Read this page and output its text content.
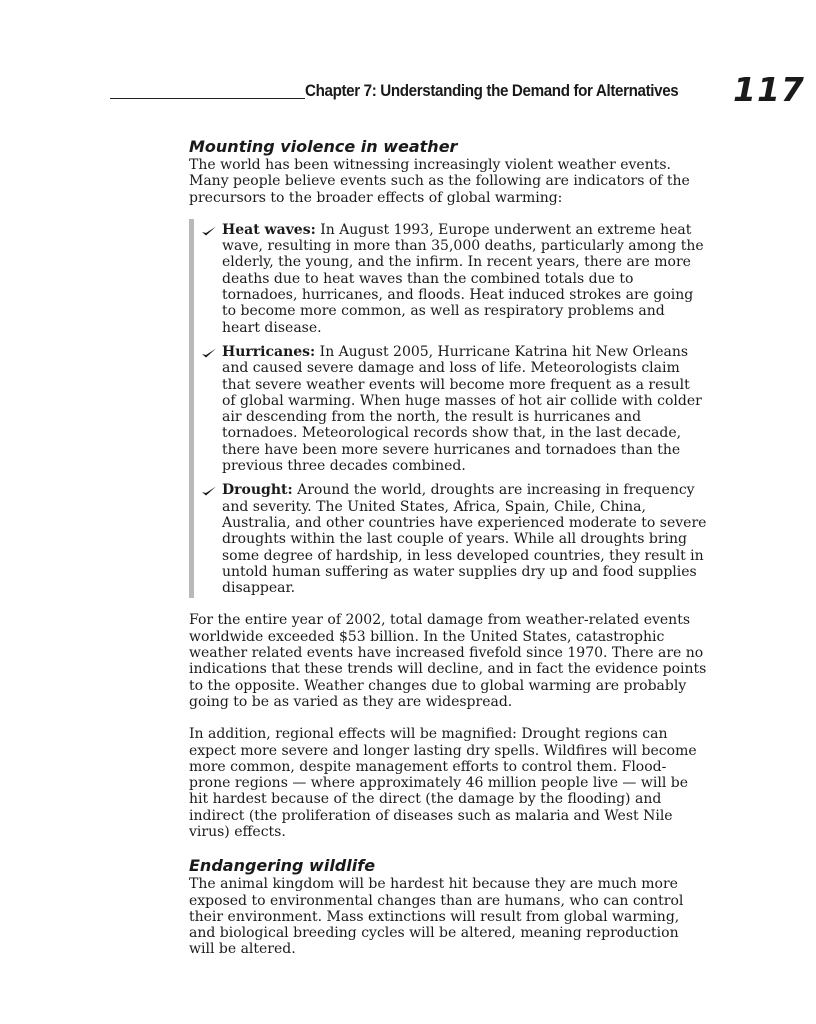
Chapter 7: Understanding the Demand for Alternatives 117
Mounting violence in weather

The world has been witnessing increasingly violent weather events. Many people believe events such as the following are indicators of the precursors to the broader effects of global warming:

Heat waves: In August 1993, Europe underwent an extreme heat wave, resulting in more than 35,000 deaths, particularly among the elderly, the young, and the infirm. In recent years, there are more deaths due to heat waves than the combined totals due to tornadoes, hurricanes, and floods. Heat induced strokes are going to become more common, as well as respiratory problems and heart disease.
Hurricanes: In August 2005, Hurricane Katrina hit New Orleans and caused severe damage and loss of life. Meteorologists claim that severe weather events will become more frequent as a result of global warming. When huge masses of hot air collide with colder air descending from the north, the result is hurricanes and tornadoes. Meteorological records show that, in the last decade, there have been more severe hurricanes and tornadoes than the previous three decades combined.
Drought: Around the world, droughts are increasing in frequency and severity. The United States, Africa, Spain, Chile, China, Australia, and other countries have experienced moderate to severe droughts within the last couple of years. While all droughts bring some degree of hardship, in less developed countries, they result in untold human suffering as water supplies dry up and food supplies disappear.

For the entire year of 2002, total damage from weather-related events worldwide exceeded $53 billion. In the United States, catastrophic weather related events have increased fivefold since 1970. There are no indications that these trends will decline, and in fact the evidence points to the opposite. Weather changes due to global warming are probably going to be as varied as they are widespread.

In addition, regional effects will be magnified: Drought regions can expect more severe and longer lasting dry spells. Wildfires will become more common, despite management efforts to control them. Flood-prone regions — where approximately 46 million people live — will be hit hardest because of the direct (the damage by the flooding) and indirect (the proliferation of diseases such as malaria and West Nile virus) effects.

Endangering wildlife

The animal kingdom will be hardest hit because they are much more exposed to environmental changes than are humans, who can control their environment. Mass extinctions will result from global warming, and biological breeding cycles will be altered, meaning reproduction will be altered.
